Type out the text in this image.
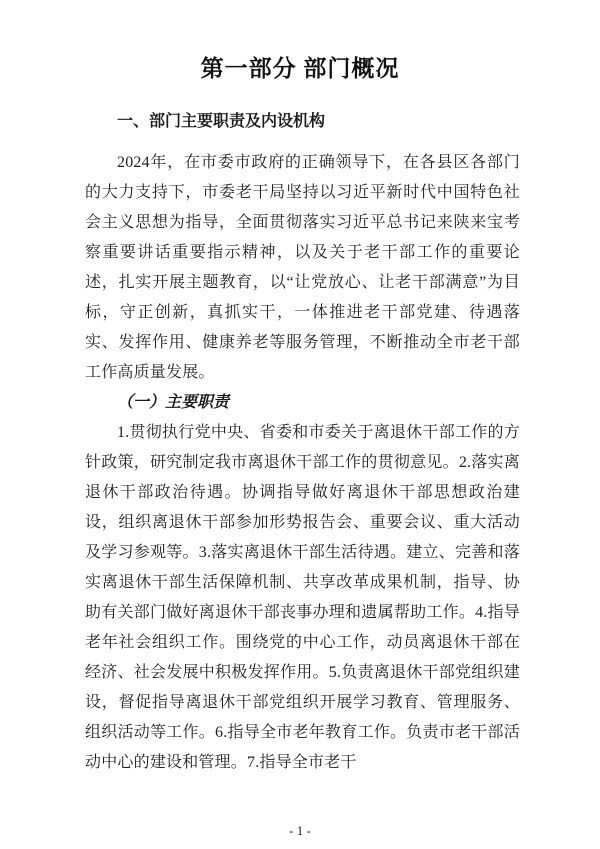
第一部分 部门概况
一、部门主要职责及内设机构

2024年，在市委市政府的正确领导下，在各县区各部门的大力支持下，市委老干局坚持以习近平新时代中国特色社会主义思想为指导，全面贯彻落实习近平总书记来陕来宝考察重要讲话重要指示精神，以及关于老干部工作的重要论述，扎实开展主题教育，以“让党放心、让老干部满意”为目标，守正创新，真抓实干，一体推进老干部党建、待遇落实、发挥作用、健康养老等服务管理，不断推动全市老干部工作高质量发展。

（一）主要职责

1.贯彻执行党中央、省委和市委关于离退休干部工作的方针政策，研究制定我市离退休干部工作的贯彻意见。2.落实离退休干部政治待遇。协调指导做好离退休干部思想政治建设，组织离退休干部参加形势报告会、重要会议、重大活动及学习参观等。3.落实离退休干部生活待遇。建立、完善和落实离退休干部生活保障机制、共享改革成果机制，指导、协助有关部门做好离退休干部丧事办理和遗属帮助工作。4.指导老年社会组织工作。围绕党的中心工作，动员离退休干部在经济、社会发展中积极发挥作用。5.负责离退休干部党组织建设，督促指导离退休干部党组织开展学习教育、管理服务、组织活动等工作。6.指导全市老年教育工作。负责市老干部活动中心的建设和管理。7.指导全市老干

- 1 -
